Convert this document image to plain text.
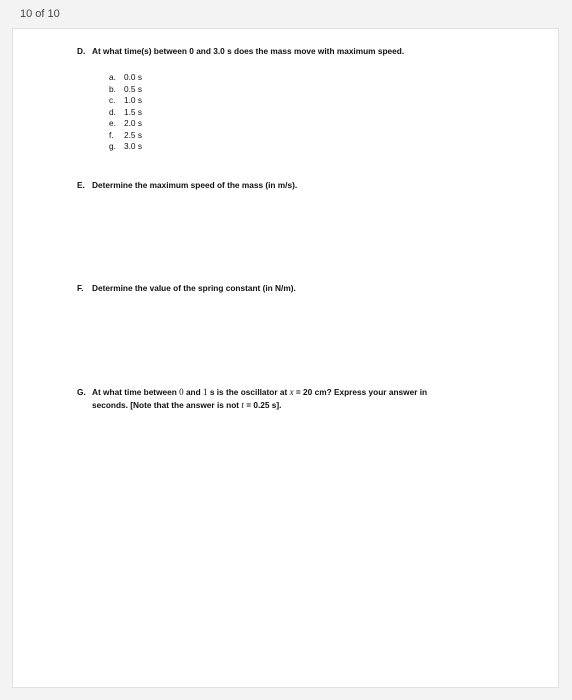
10 of 10
D. At what time(s) between 0 and 3.0 s does the mass move with maximum speed.
a. 0.0 s
b. 0.5 s
c. 1.0 s
d. 1.5 s
e. 2.0 s
f. 2.5 s
g. 3.0 s
E. Determine the maximum speed of the mass (in m/s).
F. Determine the value of the spring constant (in N/m).
G. At what time between 0 and 1 s is the oscillator at x = 20 cm? Express your answer in
seconds. [Note that the answer is not t = 0.25 s].
